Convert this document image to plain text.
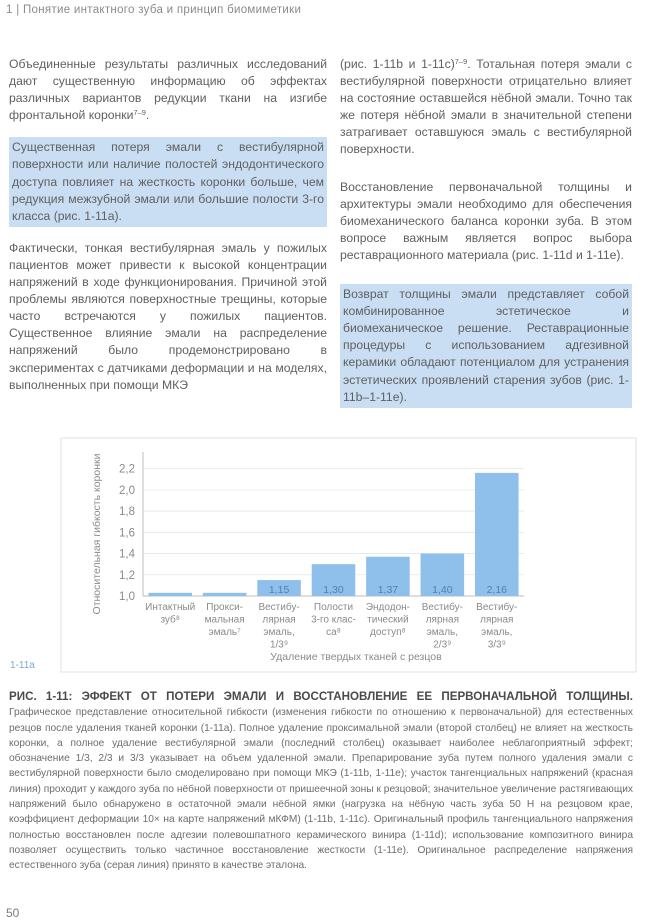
1 | Понятие интактного зуба и принцип биомиметики

Объединенные результаты различных исследований дают существенную информацию об эффектах различных вариантов редукции ткани на изгибе фронтальной коронки$^{7-9}$.

Существенная потеря эмали с вестибулярной поверхности или наличие полостей эндодонтического доступа повлияет на жесткость коронки больше, чем редукция межзубной эмали или большие полости 3-го класса (рис. 1-11а).

Фактически, тонкая вестибулярная эмаль у пожилых пациентов может привести к высокой концентрации напряжений в ходе функционирования. Причиной этой проблемы являются поверхностные трещины, которые часто встречаются у пожилых пациентов. Существенное влияние эмали на распределение напряжений было продемонстрировано в экспериментах с датчиками деформации и на моделях, выполненных при помощи МКЭ

(рис. 1-11b и 1-11c)$^{7-9}$. Тотальная потеря эмали с вестибулярной поверхности отрицательно влияет на состояние оставшейся нёбной эмали. Точно так же потеря нёбной эмали в значительной степени затрагивает оставшуюся эмаль с вестибулярной поверхности.

Восстановление первоначальной толщины и архитектуры эмали необходимо для обеспечения биомеханического баланса коронки зуба. В этом вопросе важным является вопрос выбора реставрационного материала (рис. 1-11d и 1-11e).

Возврат толщины эмали представляет собой комбинированное эстетическое и биомеханическое решение. Реставрационные процедуры с использованием адгезивной керамики обладают потенциалом для устранения эстетических проявлений старения зубов (рис. 1-11b–1-11e).

1,15	1,30	1,37	1,40	2,16
2,2
2,0
1,8
1,6
1,4
1,2
1,0
Интактный зуб⁸
Прокси-мальная эмаль⁷
Вестибу-лярная эмаль, 1/3⁹
Полости 3-го клас-са⁸
Эндодон-тический доступ⁸
Вестибу-лярная эмаль, 2/3⁹
Вестибу-лярная эмаль, 3/3⁹
Относительная гибкость коронки
Удаление твердых тканей с резцов
1-11a
РИС. 1-11: ЭФФЕКТ ОТ ПОТЕРИ ЭМАЛИ И ВОССТАНОВЛЕНИЕ ЕЕ ПЕРВОНАЧАЛЬНОЙ ТОЛЩИНЫ. Графическое представление относительной гибкости (изменения гибкости по отношению к первоначальной) для естественных резцов после удаления тканей коронки (1-11а). Полное удаление проксимальной эмали (второй столбец) не влияет на жесткость коронки, а полное удаление вестибулярной эмали (последний столбец) оказывает наиболее неблагоприятный эффект; обозначение 1/3, 2/3 и 3/3 указывает на объем удаленной эмали. Препарирование зуба путем полного удаления эмали с вестибулярной поверхности было смоделировано при помощи МКЭ (1-11b, 1-11e); участок тангенциальных напряжений (красная линия) проходит у каждого зуба по нёбной поверхности от пришеечной зоны к резцовой; значительное увеличение растягивающих напряжений было обнаружено в остаточной эмали нёбной ямки (нагрузка на нёбную часть зуба 50 Н на резцовом крае, коэффициент деформации 10× на карте напряжений мКФМ) (1-11b, 1-11c). Оригинальный профиль тангенциального напряжения полностью восстановлен после адгезии полевошпатного керамического винира (1-11d); использование композитного винира позволяет осуществить только частичное восстановление жесткости (1-11e). Оригинальное распределение напряжения естественного зуба (серая линия) принято в качестве эталона.
50
